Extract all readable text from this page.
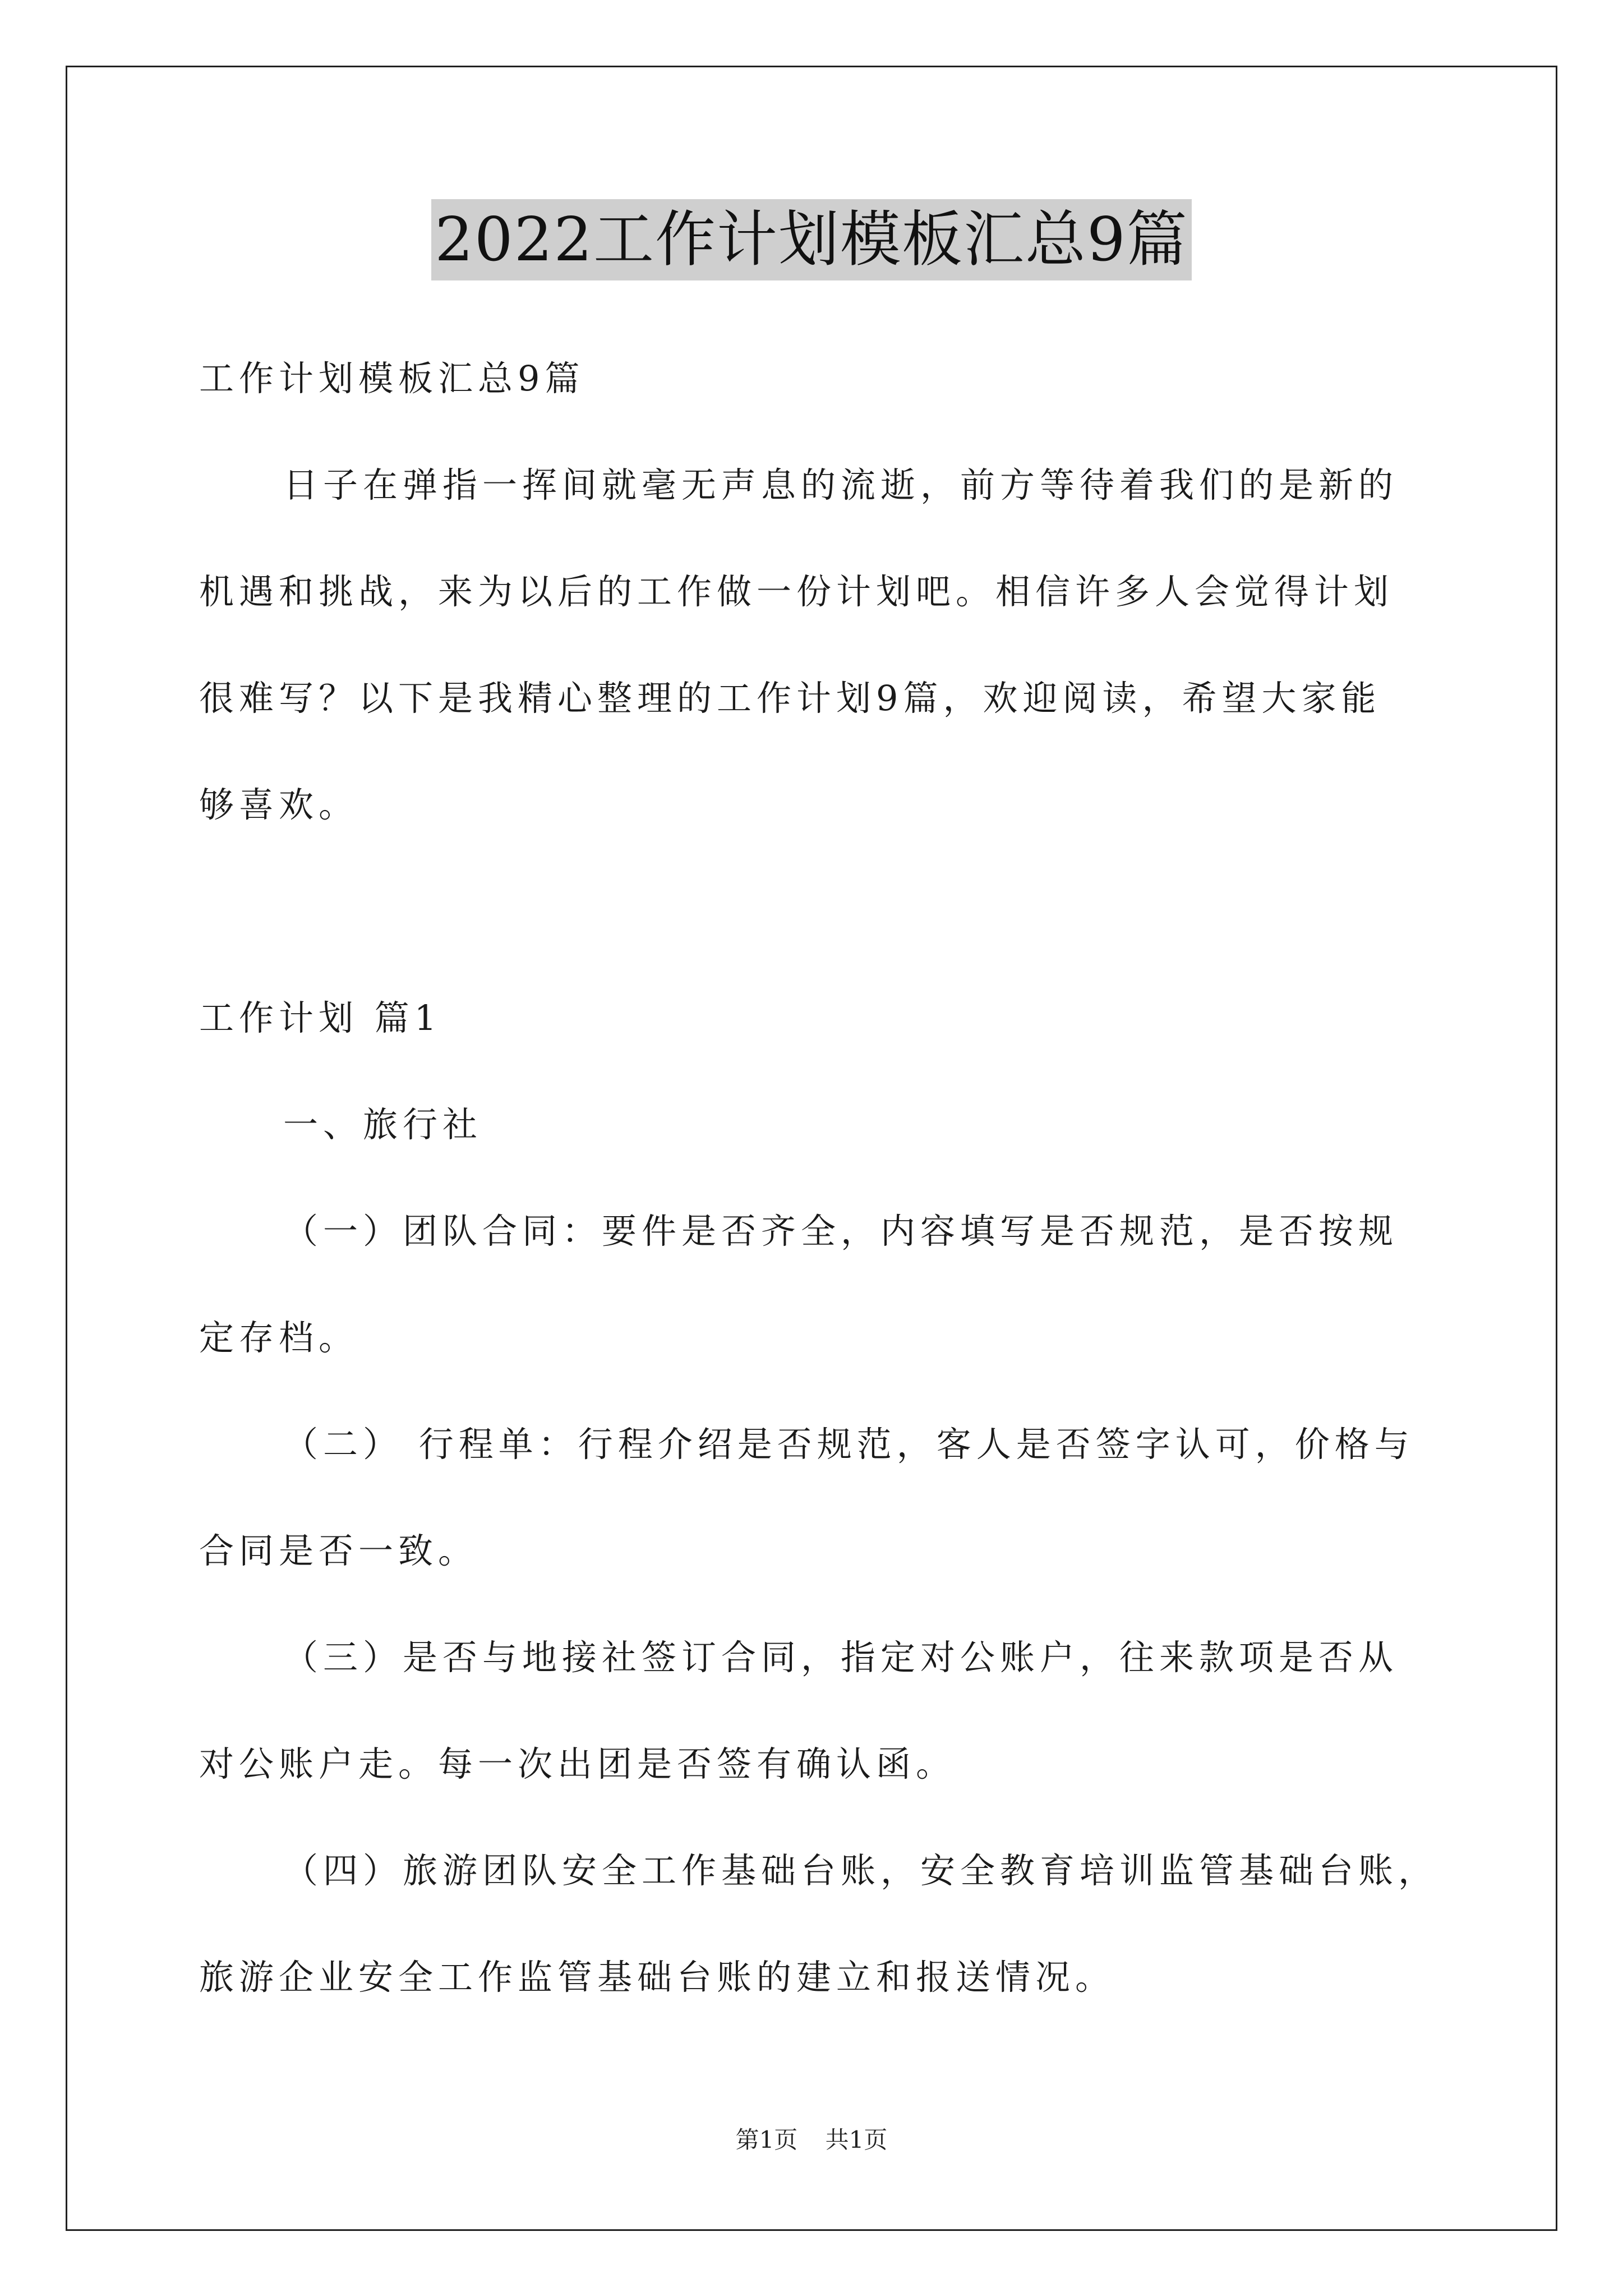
2022工作计划模板汇总9篇
工作计划模板汇总9篇
日子在弹指一挥间就毫无声息的流逝，前方等待着我们的是新的
机遇和挑战，来为以后的工作做一份计划吧。相信许多人会觉得计划
很难写？以下是我精心整理的工作计划9篇，欢迎阅读，希望大家能
够喜欢。
工作计划 篇1
一、旅行社
（一）团队合同：要件是否齐全，内容填写是否规范，是否按规
定存档。
（二） 行程单：行程介绍是否规范，客人是否签字认可，价格与
合同是否一致。
（三）是否与地接社签订合同，指定对公账户，往来款项是否从
对公账户走。每一次出团是否签有确认函。
（四）旅游团队安全工作基础台账，安全教育培训监管基础台账，
旅游企业安全工作监管基础台账的建立和报送情况。
第1页 共1页
